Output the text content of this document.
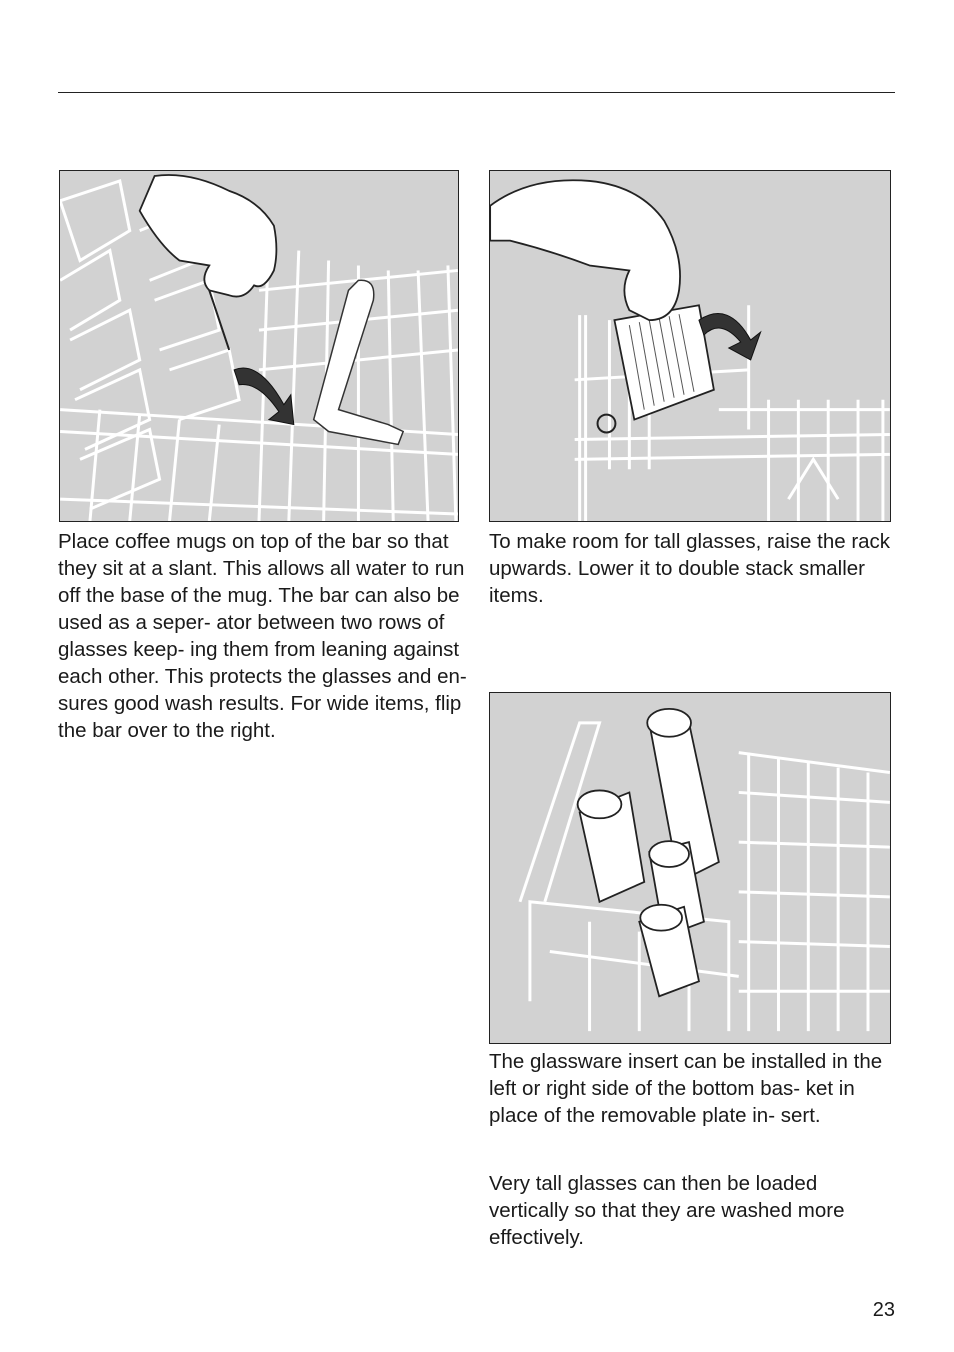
Place coffee mugs on top of the bar so that they sit at a slant. This allows all water to run off the base of the mug. The bar can also be used as a seper- ator between two rows of glasses keep- ing them from leaning against each other. This protects the glasses and en- sures good wash results. For wide items, flip the bar over to the right.

To make room for tall glasses, raise the rack upwards. Lower it to double stack smaller items.

The glassware insert can be installed in the left or right side of the bottom bas- ket in place of the removable plate in- sert.

Very tall glasses can then be loaded vertically so that they are washed more effectively.

23
